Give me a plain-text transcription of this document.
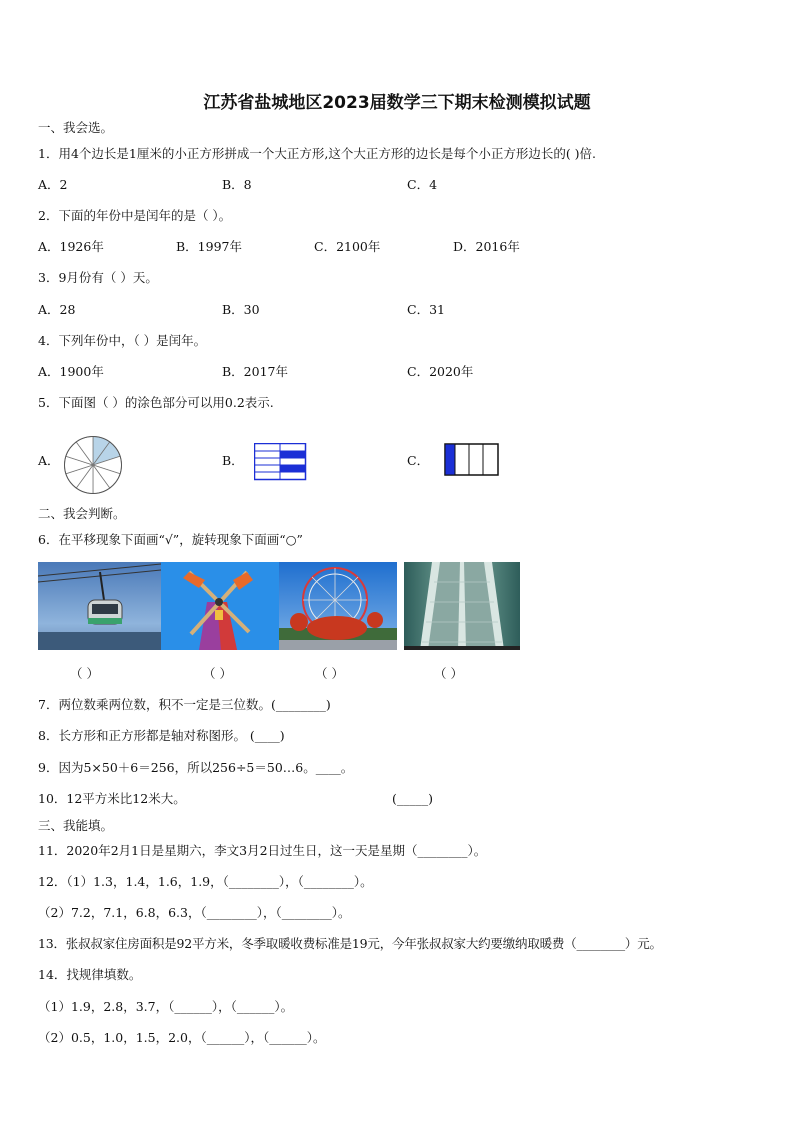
江苏省盐城地区2023届数学三下期末检测模拟试题
一、我会选。
1．用4个边长是1厘米的小正方形拼成一个大正方形,这个大正方形的边长是每个小正方形边长的( )倍.
A．2	B．8	C．4
2．下面的年份中是闰年的是（ ）。
A．1926年	B．1997年	C．2100年	D．2016年
3．9月份有（ ）天。
A．28	B．30	C．31
4．下列年份中，（ ）是闰年。
A．1900年	B．2017年	C．2020年
5．下面图（ ）的涂色部分可以用0.2表示.
A．	B．	C．
二、我会判断。
6．在平移现象下面画“√”，旋转现象下面画“○”
（ ）	（ ）	（ ）	（ ）
7．两位数乘两位数，积不一定是三位数。(________)
8．长方形和正方形都是轴对称图形。 (____)
9．因为5×50＋6＝256，所以256÷5＝50…6。____。
10．12平方米比12米大。	(_____)
三、我能填。
11．2020年2月1日是星期六，李文3月2日过生日，这一天是星期（________）。
12．（1）1.3，1.4，1.6，1.9，（________），（________）。
（2）7.2，7.1，6.8，6.3，（________），（________）。
13．张叔叔家住房面积是92平方米，冬季取暖收费标准是19元，今年张叔叔家大约要缴纳取暖费（________）元。
14．找规律填数。
（1）1.9，2.8，3.7，（______），（______）。
（2）0.5，1.0，1.5，2.0，（______），（______）。
